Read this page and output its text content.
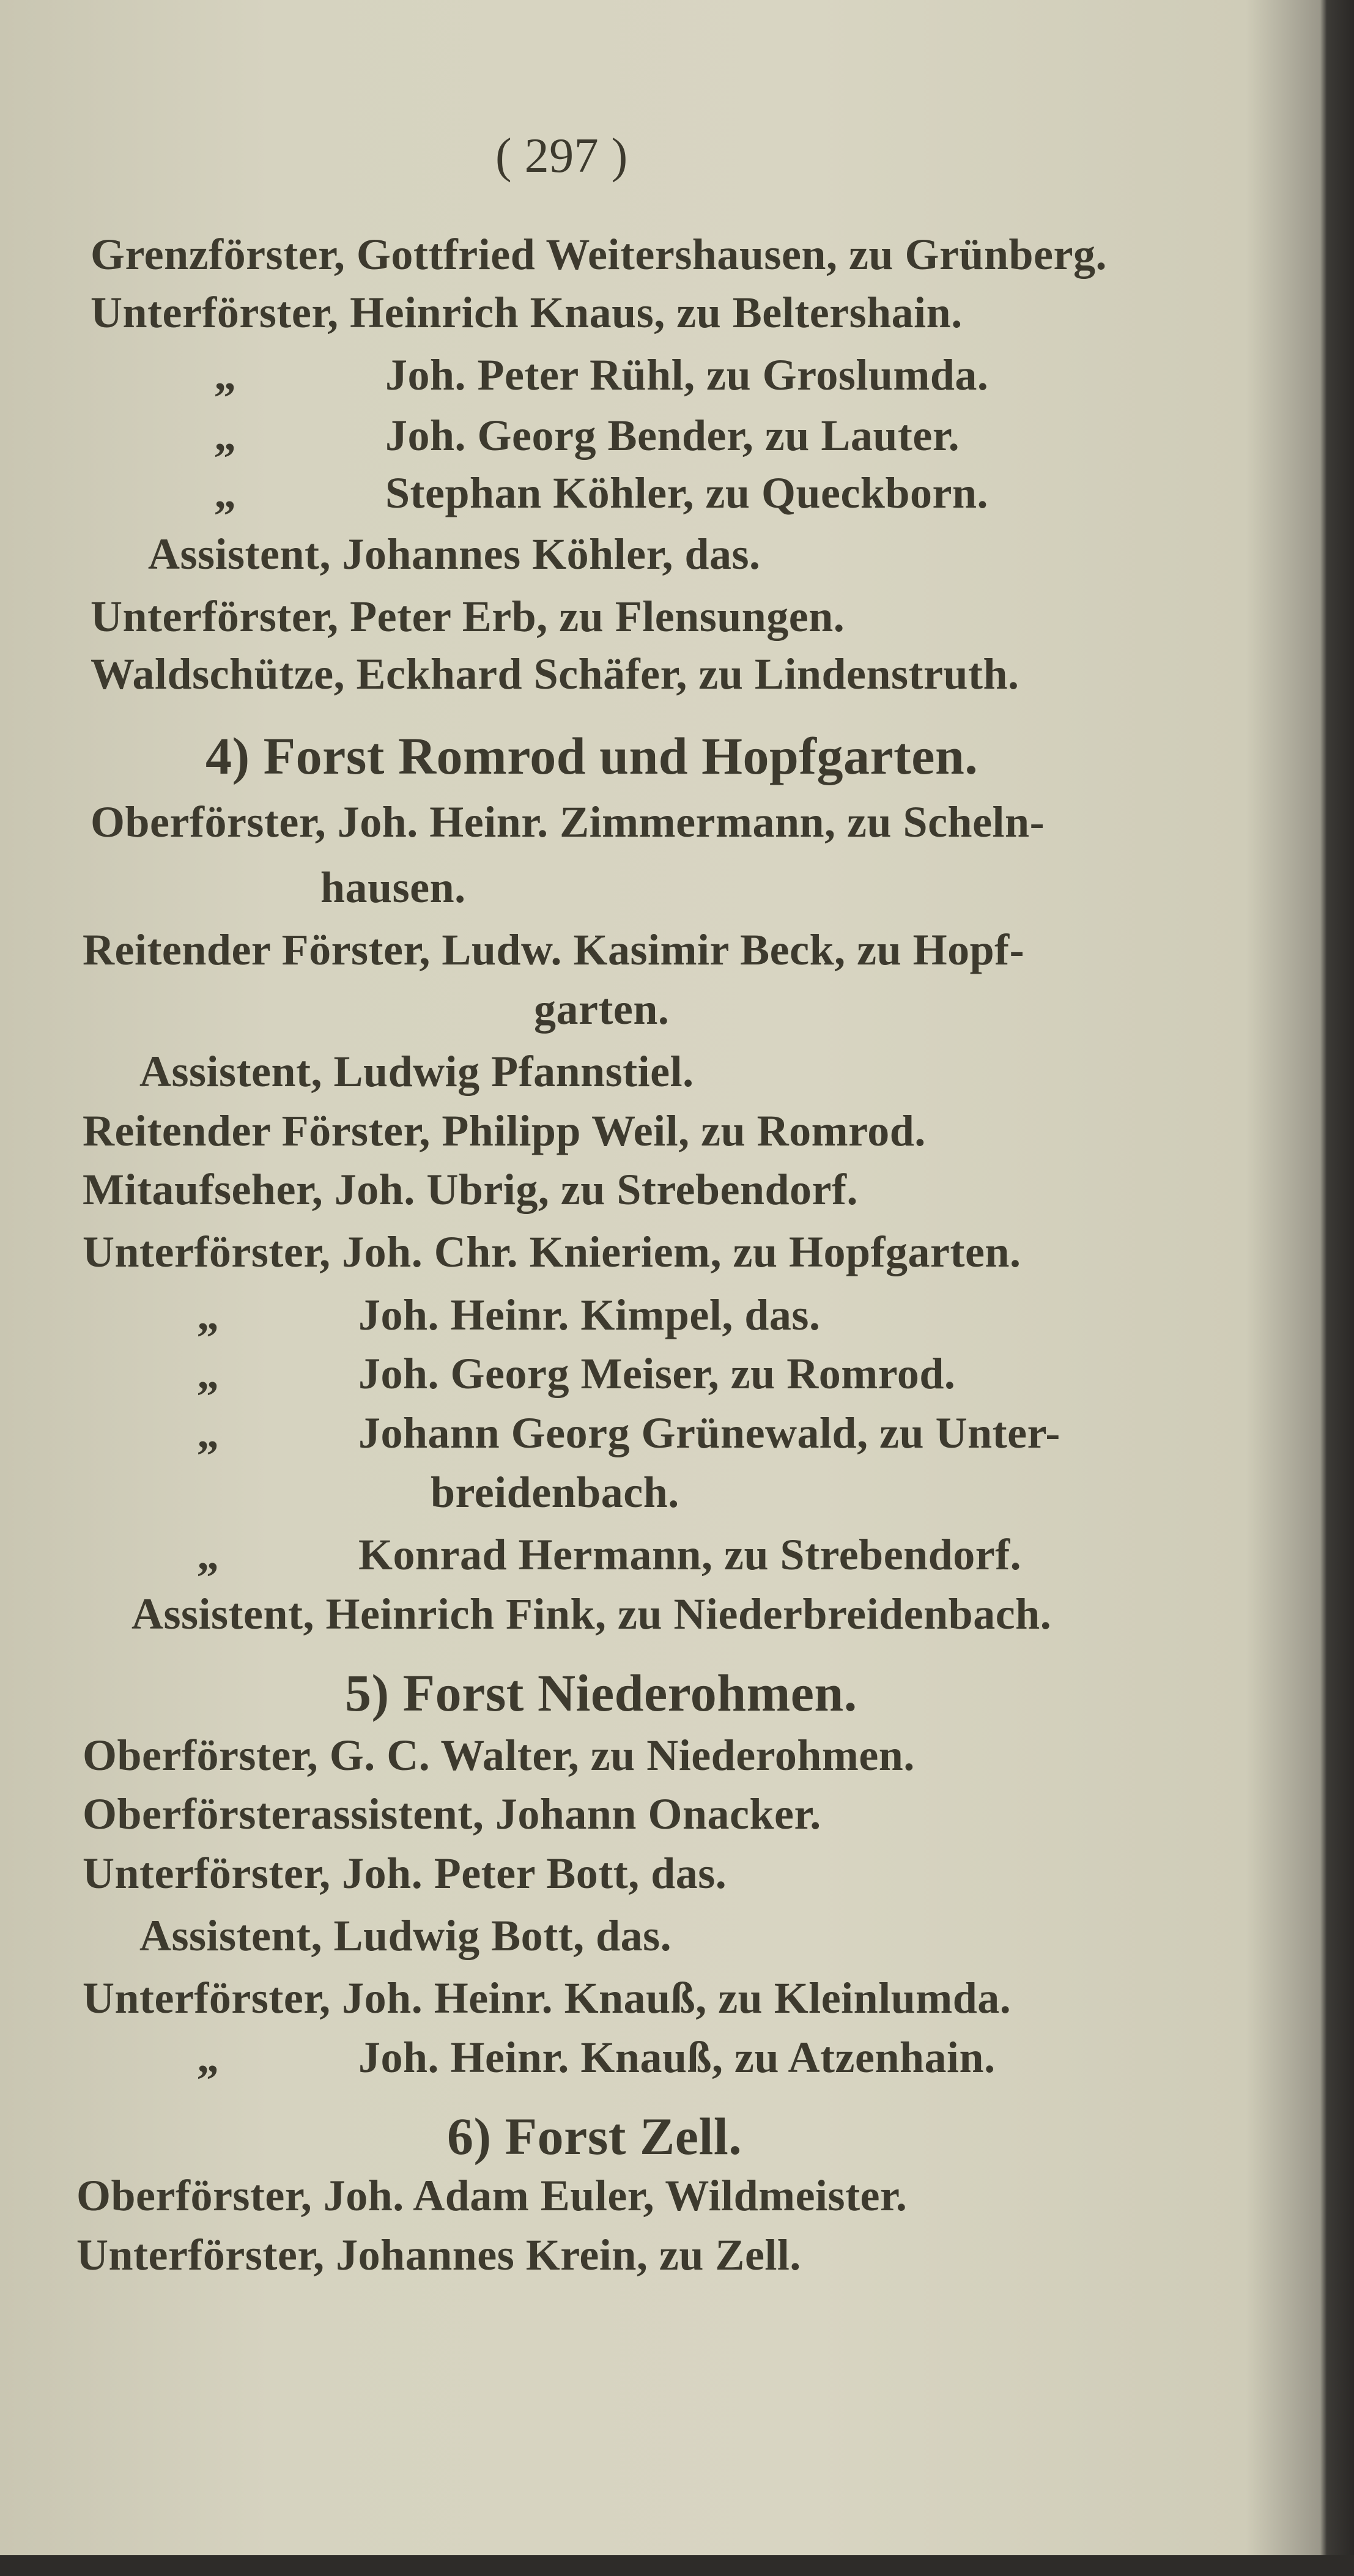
( 297 )
Grenzförster, Gottfried Weitershausen, zu Grünberg.
Unterförster, Heinrich Knaus, zu Beltershain.
„	Joh. Peter Rühl, zu Groslumda.
„	Joh. Georg Bender, zu Lauter.
„	Stephan Köhler, zu Queckborn.
Assistent, Johannes Köhler, das.
Unterförster, Peter Erb, zu Flensungen.
Waldschütze, Eckhard Schäfer, zu Lindenstruth.
4) Forst Romrod und Hopfgarten.
Oberförster, Joh. Heinr. Zimmermann, zu Scheln-
hausen.
Reitender Förster, Ludw. Kasimir Beck, zu Hopf-
garten.
Assistent, Ludwig Pfannstiel.
Reitender Förster, Philipp Weil, zu Romrod.
Mitaufseher, Joh. Ubrig, zu Strebendorf.
Unterförster, Joh. Chr. Knieriem, zu Hopfgarten.
„	Joh. Heinr. Kimpel, das.
„	Joh. Georg Meiser, zu Romrod.
„	Johann Georg Grünewald, zu Unter-
breidenbach.
„	Konrad Hermann, zu Strebendorf.
Assistent, Heinrich Fink, zu Niederbreidenbach.
5) Forst Niederohmen.
Oberförster, G. C. Walter, zu Niederohmen.
Oberförsterassistent, Johann Onacker.
Unterförster, Joh. Peter Bott, das.
Assistent, Ludwig Bott, das.
Unterförster, Joh. Heinr. Knauß, zu Kleinlumda.
„	Joh. Heinr. Knauß, zu Atzenhain.
6) Forst Zell.
Oberförster, Joh. Adam Euler, Wildmeister.
Unterförster, Johannes Krein, zu Zell.
